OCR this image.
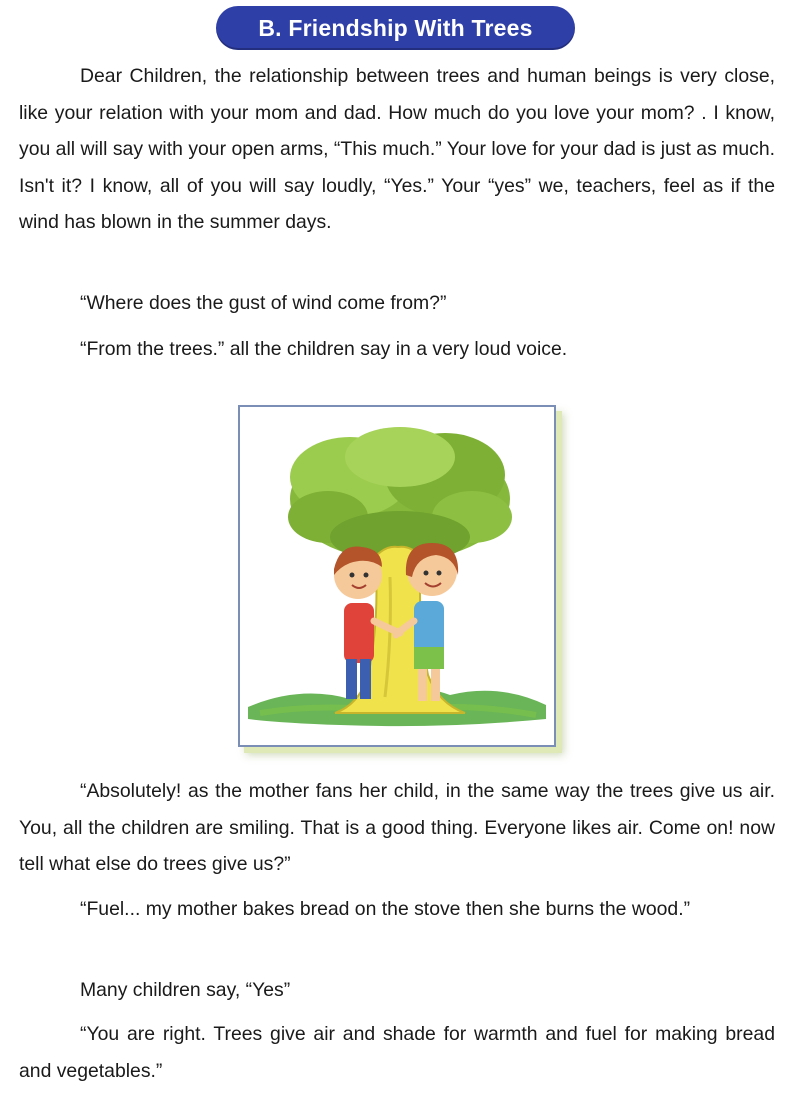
B. Friendship With Trees

Dear Children, the relationship between trees and human beings is very close, like your relation with your mom and dad. How much do you love your mom? . I know, you all will say with your open arms, “This much.” Your love for your dad is just as much. Isn't it? I know, all of you will say loudly, “Yes.” Your “yes” we, teachers, feel as if the wind has blown in the summer days.

“Where does the gust of wind come from?”

“From the trees.” all the children say in a very loud voice.

“Absolutely! as the mother fans her child, in the same way the trees give us air. You, all the children are smiling. That is a good thing. Everyone likes air. Come on! now tell what else do trees give us?”

“Fuel... my mother bakes bread on the stove then she burns the wood.”

Many children say, “Yes”

“You are right. Trees give air and shade for warmth and fuel for making bread and vegetables.”
